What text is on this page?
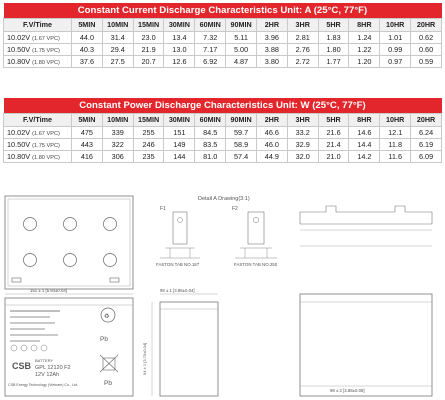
Constant Current Discharge Characteristics Unit: A (25°C, 77°F)												
F.V/Time	5MIN	10MIN	15MIN	30MIN	60MIN	90MIN	2HR	3HR	5HR	8HR	10HR	20HR
10.02V (1.67 VPC)	44.0	31.4	23.0	13.4	7.32	5.11	3.96	2.81	1.83	1.24	1.01	0.62
10.50V (1.75 VPC)	40.3	29.4	21.9	13.0	7.17	5.00	3.88	2.76	1.80	1.22	0.99	0.60
10.80V (1.80 VPC)	37.6	27.5	20.7	12.6	6.92	4.87	3.80	2.72	1.77	1.20	0.97	0.59
Constant Power Discharge Characteristics Unit: W (25°C, 77°F)												
F.V/Time	5MIN	10MIN	15MIN	30MIN	60MIN	90MIN	2HR	3HR	5HR	8HR	10HR	20HR
10.02V (1.67 VPC)	475	339	255	151	84.5	59.7	46.6	33.2	21.6	14.6	12.1	6.24
10.50V (1.75 VPC)	443	322	246	149	83.5	58.9	46.0	32.9	21.4	14.4	11.8	6.19
10.80V (1.80 VPC)	416	306	235	144	81.0	57.4	44.9	32.0	21.0	14.2	11.6	6.09
Detail A Drawing(3:1)
F1
FASTON TAB NO.187
F2
FASTON TAB NO.250
151 ± 1 [5.94±0.04]
♻
Pb
CSB
BATTERY
GPL 12120 F2
12V 12Ah
CSB Energy Technology (Vietnam) Co., Ltd.	Pb
98 ± 1 [3.86±0.04]
94 ± 1 [3.70±0.04]
98 ± 2 [3.86±0.08]
